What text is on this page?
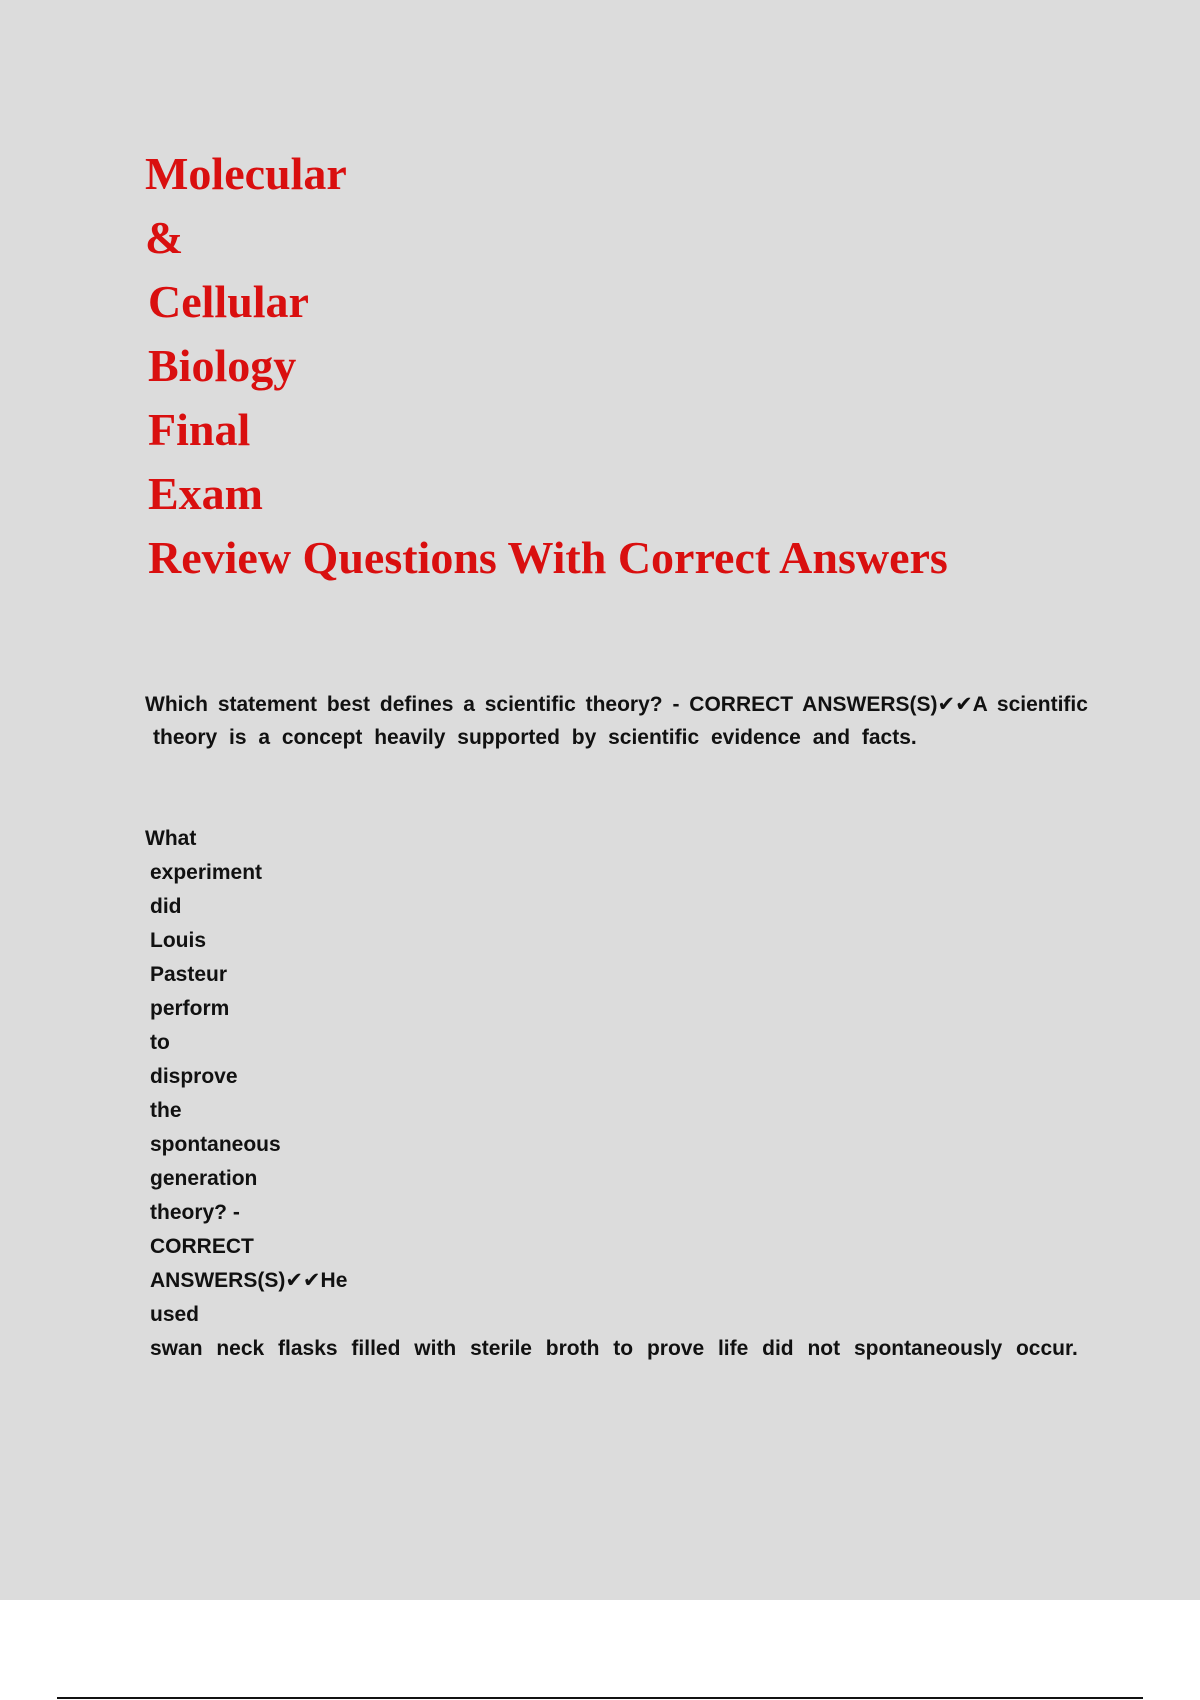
Molecular
&
Cellular
Biology
Final
Exam
Review Questions With Correct Answers

Which statement best defines a scientific theory? - CORRECT ANSWERS(S)✔✔A scientific
theory is a concept heavily supported by scientific evidence and facts.

What
experiment
did
Louis
Pasteur
perform
to
disprove
the
spontaneous
generation
theory? -
CORRECT
ANSWERS(S)✔✔He
used
swan neck flasks filled with sterile broth to prove life did not spontaneously occur.
